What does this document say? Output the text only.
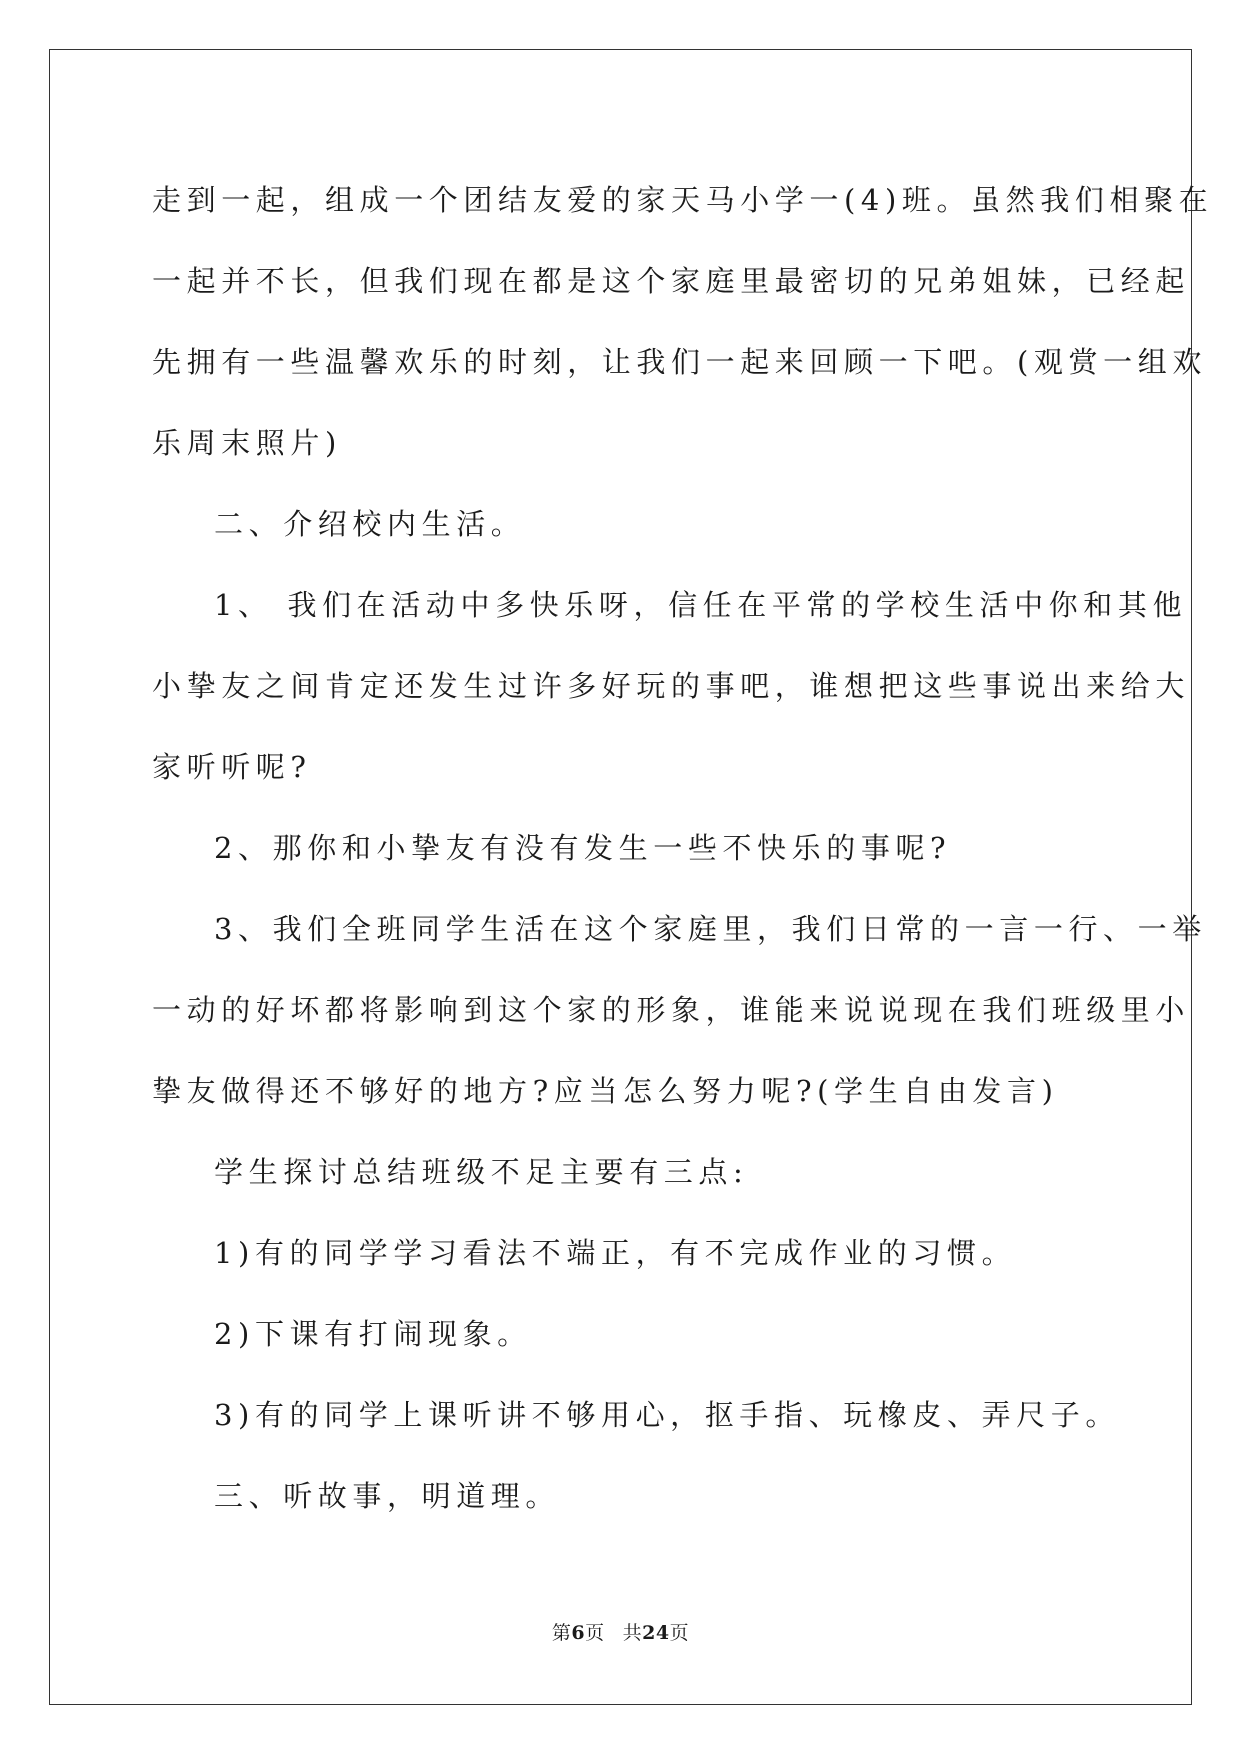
走到一起，组成一个团结友爱的家天马小学一(4)班。虽然我们相聚在

一起并不长，但我们现在都是这个家庭里最密切的兄弟姐妹，已经起

先拥有一些温馨欢乐的时刻，让我们一起来回顾一下吧。(观赏一组欢

乐周末照片)

二、介绍校内生活。

1、 我们在活动中多快乐呀，信任在平常的学校生活中你和其他

小挚友之间肯定还发生过许多好玩的事吧，谁想把这些事说出来给大

家听听呢?

2、那你和小挚友有没有发生一些不快乐的事呢?

3、我们全班同学生活在这个家庭里，我们日常的一言一行、一举

一动的好坏都将影响到这个家的形象，谁能来说说现在我们班级里小

挚友做得还不够好的地方?应当怎么努力呢?(学生自由发言)

学生探讨总结班级不足主要有三点:

1)有的同学学习看法不端正，有不完成作业的习惯。

2)下课有打闹现象。

3)有的同学上课听讲不够用心，抠手指、玩橡皮、弄尺子。

三、听故事，明道理。

第6页 共24页
